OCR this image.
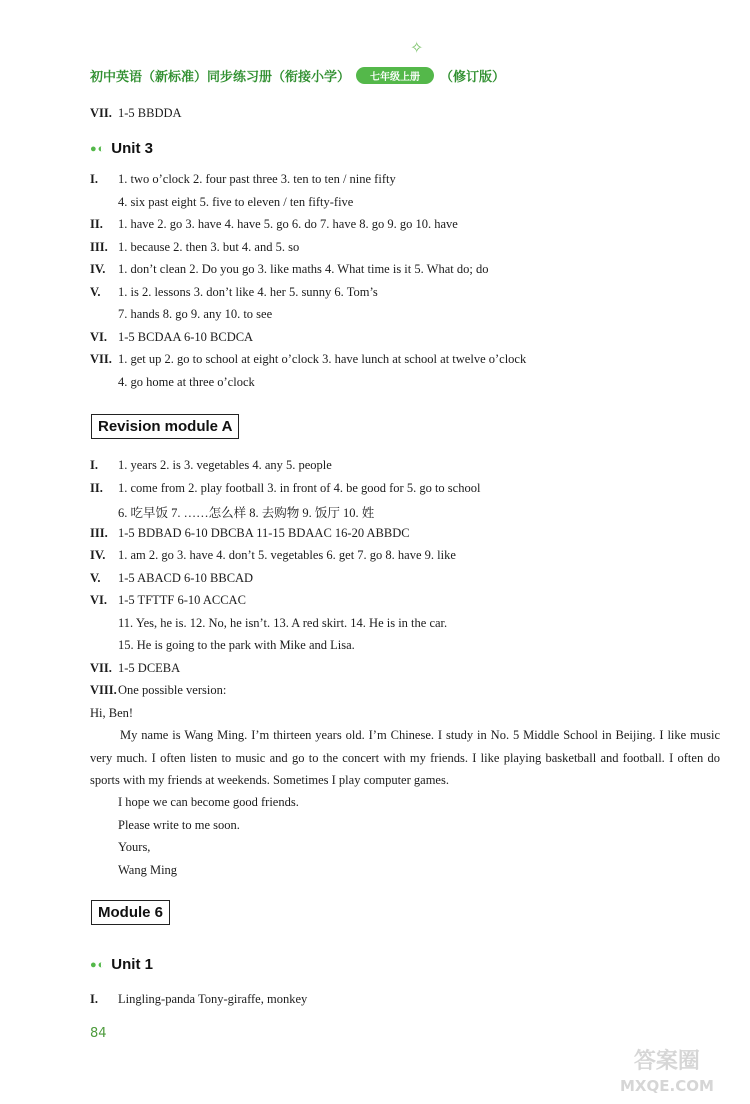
✧
初中英语（新标准）同步练习册（衔接小学）	七年级上册	（修订版）
VII. 1-5 BBDDA
●◐ Unit 3
I. 1. two o’clock 2. four past three 3. ten to ten / nine fifty
4. six past eight 5. five to eleven / ten fifty-five
II. 1. have 2. go 3. have 4. have 5. go 6. do 7. have 8. go 9. go 10. have
III. 1. because 2. then 3. but 4. and 5. so
IV. 1. don’t clean 2. Do you go 3. like maths 4. What time is it 5. What do; do
V. 1. is 2. lessons 3. don’t like 4. her 5. sunny 6. Tom’s
7. hands 8. go 9. any 10. to see
VI. 1-5 BCDAA 6-10 BCDCA
VII. 1. get up 2. go to school at eight o’clock 3. have lunch at school at twelve o’clock
4. go home at three o’clock
Revision module A
I. 1. years 2. is 3. vegetables 4. any 5. people
II. 1. come from 2. play football 3. in front of 4. be good for 5. go to school
6. 吃早饭 7. ……怎么样 8. 去购物 9. 饭厅 10. 姓
III. 1-5 BDBAD 6-10 DBCBA 11-15 BDAAC 16-20 ABBDC
IV. 1. am 2. go 3. have 4. don’t 5. vegetables 6. get 7. go 8. have 9. like
V. 1-5 ABACD 6-10 BBCAD
VI. 1-5 TFTTF 6-10 ACCAC
11. Yes, he is. 12. No, he isn’t. 13. A red skirt. 14. He is in the car.
15. He is going to the park with Mike and Lisa.
VII. 1-5 DCEBA
VIII.One possible version:
Hi, Ben!
My name is Wang Ming. I’m thirteen years old. I’m Chinese. I study in No. 5 Middle School in Beijing. I like music very much. I often listen to music and go to the concert with my friends. I like playing basketball and football. I often do sports with my friends at weekends. Sometimes I play computer games.
I hope we can become good friends.
Please write to me soon.
Yours,
Wang Ming
Module 6
●◐ Unit 1
I. Lingling-panda Tony-giraffe, monkey
84
答案圈
MXQE.COM
